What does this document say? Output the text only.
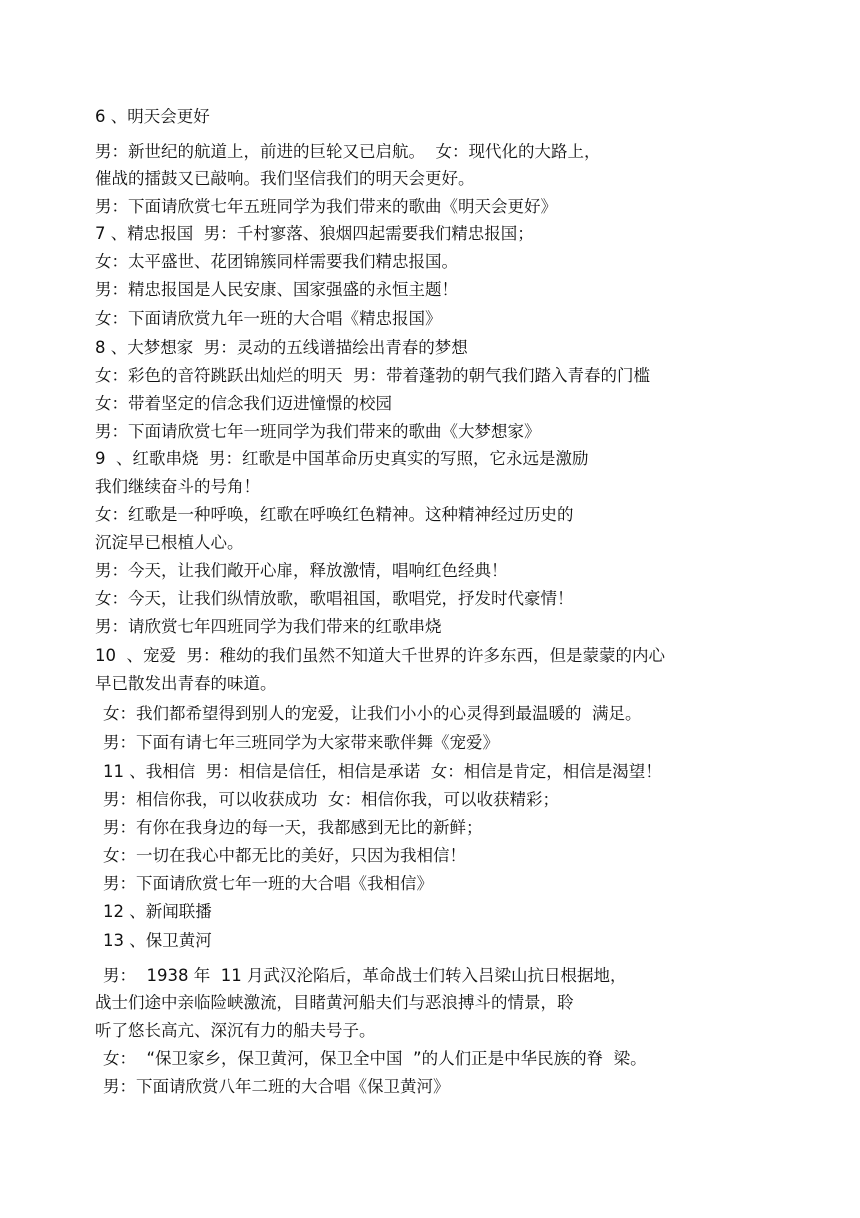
6 、明天会更好
男：新世纪的航道上，前进的巨轮又已启航。  女：现代化的大路上，
催战的擂鼓又已敲响。我们坚信我们的明天会更好。
男：下面请欣赏七年五班同学为我们带来的歌曲《明天会更好》
7 、精忠报国  男：千村寥落、狼烟四起需要我们精忠报国；
女：太平盛世、花团锦簇同样需要我们精忠报国。
男：精忠报国是人民安康、国家强盛的永恒主题！
女：下面请欣赏九年一班的大合唱《精忠报国》
8 、大梦想家  男：灵动的五线谱描绘出青春的梦想
女：彩色的音符跳跃出灿烂的明天  男：带着蓬勃的朝气我们踏入青春的门槛
女：带着坚定的信念我们迈进憧憬的校园
男：下面请欣赏七年一班同学为我们带来的歌曲《大梦想家》
9  、红歌串烧  男：红歌是中国革命历史真实的写照，它永远是激励
我们继续奋斗的号角！
女：红歌是一种呼唤，红歌在呼唤红色精神。这种精神经过历史的
沉淀早已根植人心。
男：今天，让我们敞开心扉，释放激情，唱响红色经典！
女：今天，让我们纵情放歌，歌唱祖国，歌唱党，抒发时代豪情！
男：请欣赏七年四班同学为我们带来的红歌串烧
10  、宠爱  男：稚幼的我们虽然不知道大千世界的许多东西，但是蒙蒙的内心
早已散发出青春的味道。
女：我们都希望得到别人的宠爱，让我们小小的心灵得到最温暖的  满足。
男：下面有请七年三班同学为大家带来歌伴舞《宠爱》
11 、我相信  男：相信是信任，相信是承诺  女：相信是肯定，相信是渴望！
男：相信你我，可以收获成功  女：相信你我，可以收获精彩；
男：有你在我身边的每一天，我都感到无比的新鲜；
女：一切在我心中都无比的美好，只因为我相信！
男：下面请欣赏七年一班的大合唱《我相信》
12 、新闻联播
13 、保卫黄河
男：  1938 年  11 月武汉沦陷后，革命战士们转入吕梁山抗日根据地，
战士们途中亲临险峡激流，目睹黄河船夫们与恶浪搏斗的情景，聆
听了悠长高亢、深沉有力的船夫号子。
女：  “保卫家乡，保卫黄河，保卫全中国  ”的人们正是中华民族的脊  梁。
男：下面请欣赏八年二班的大合唱《保卫黄河》
